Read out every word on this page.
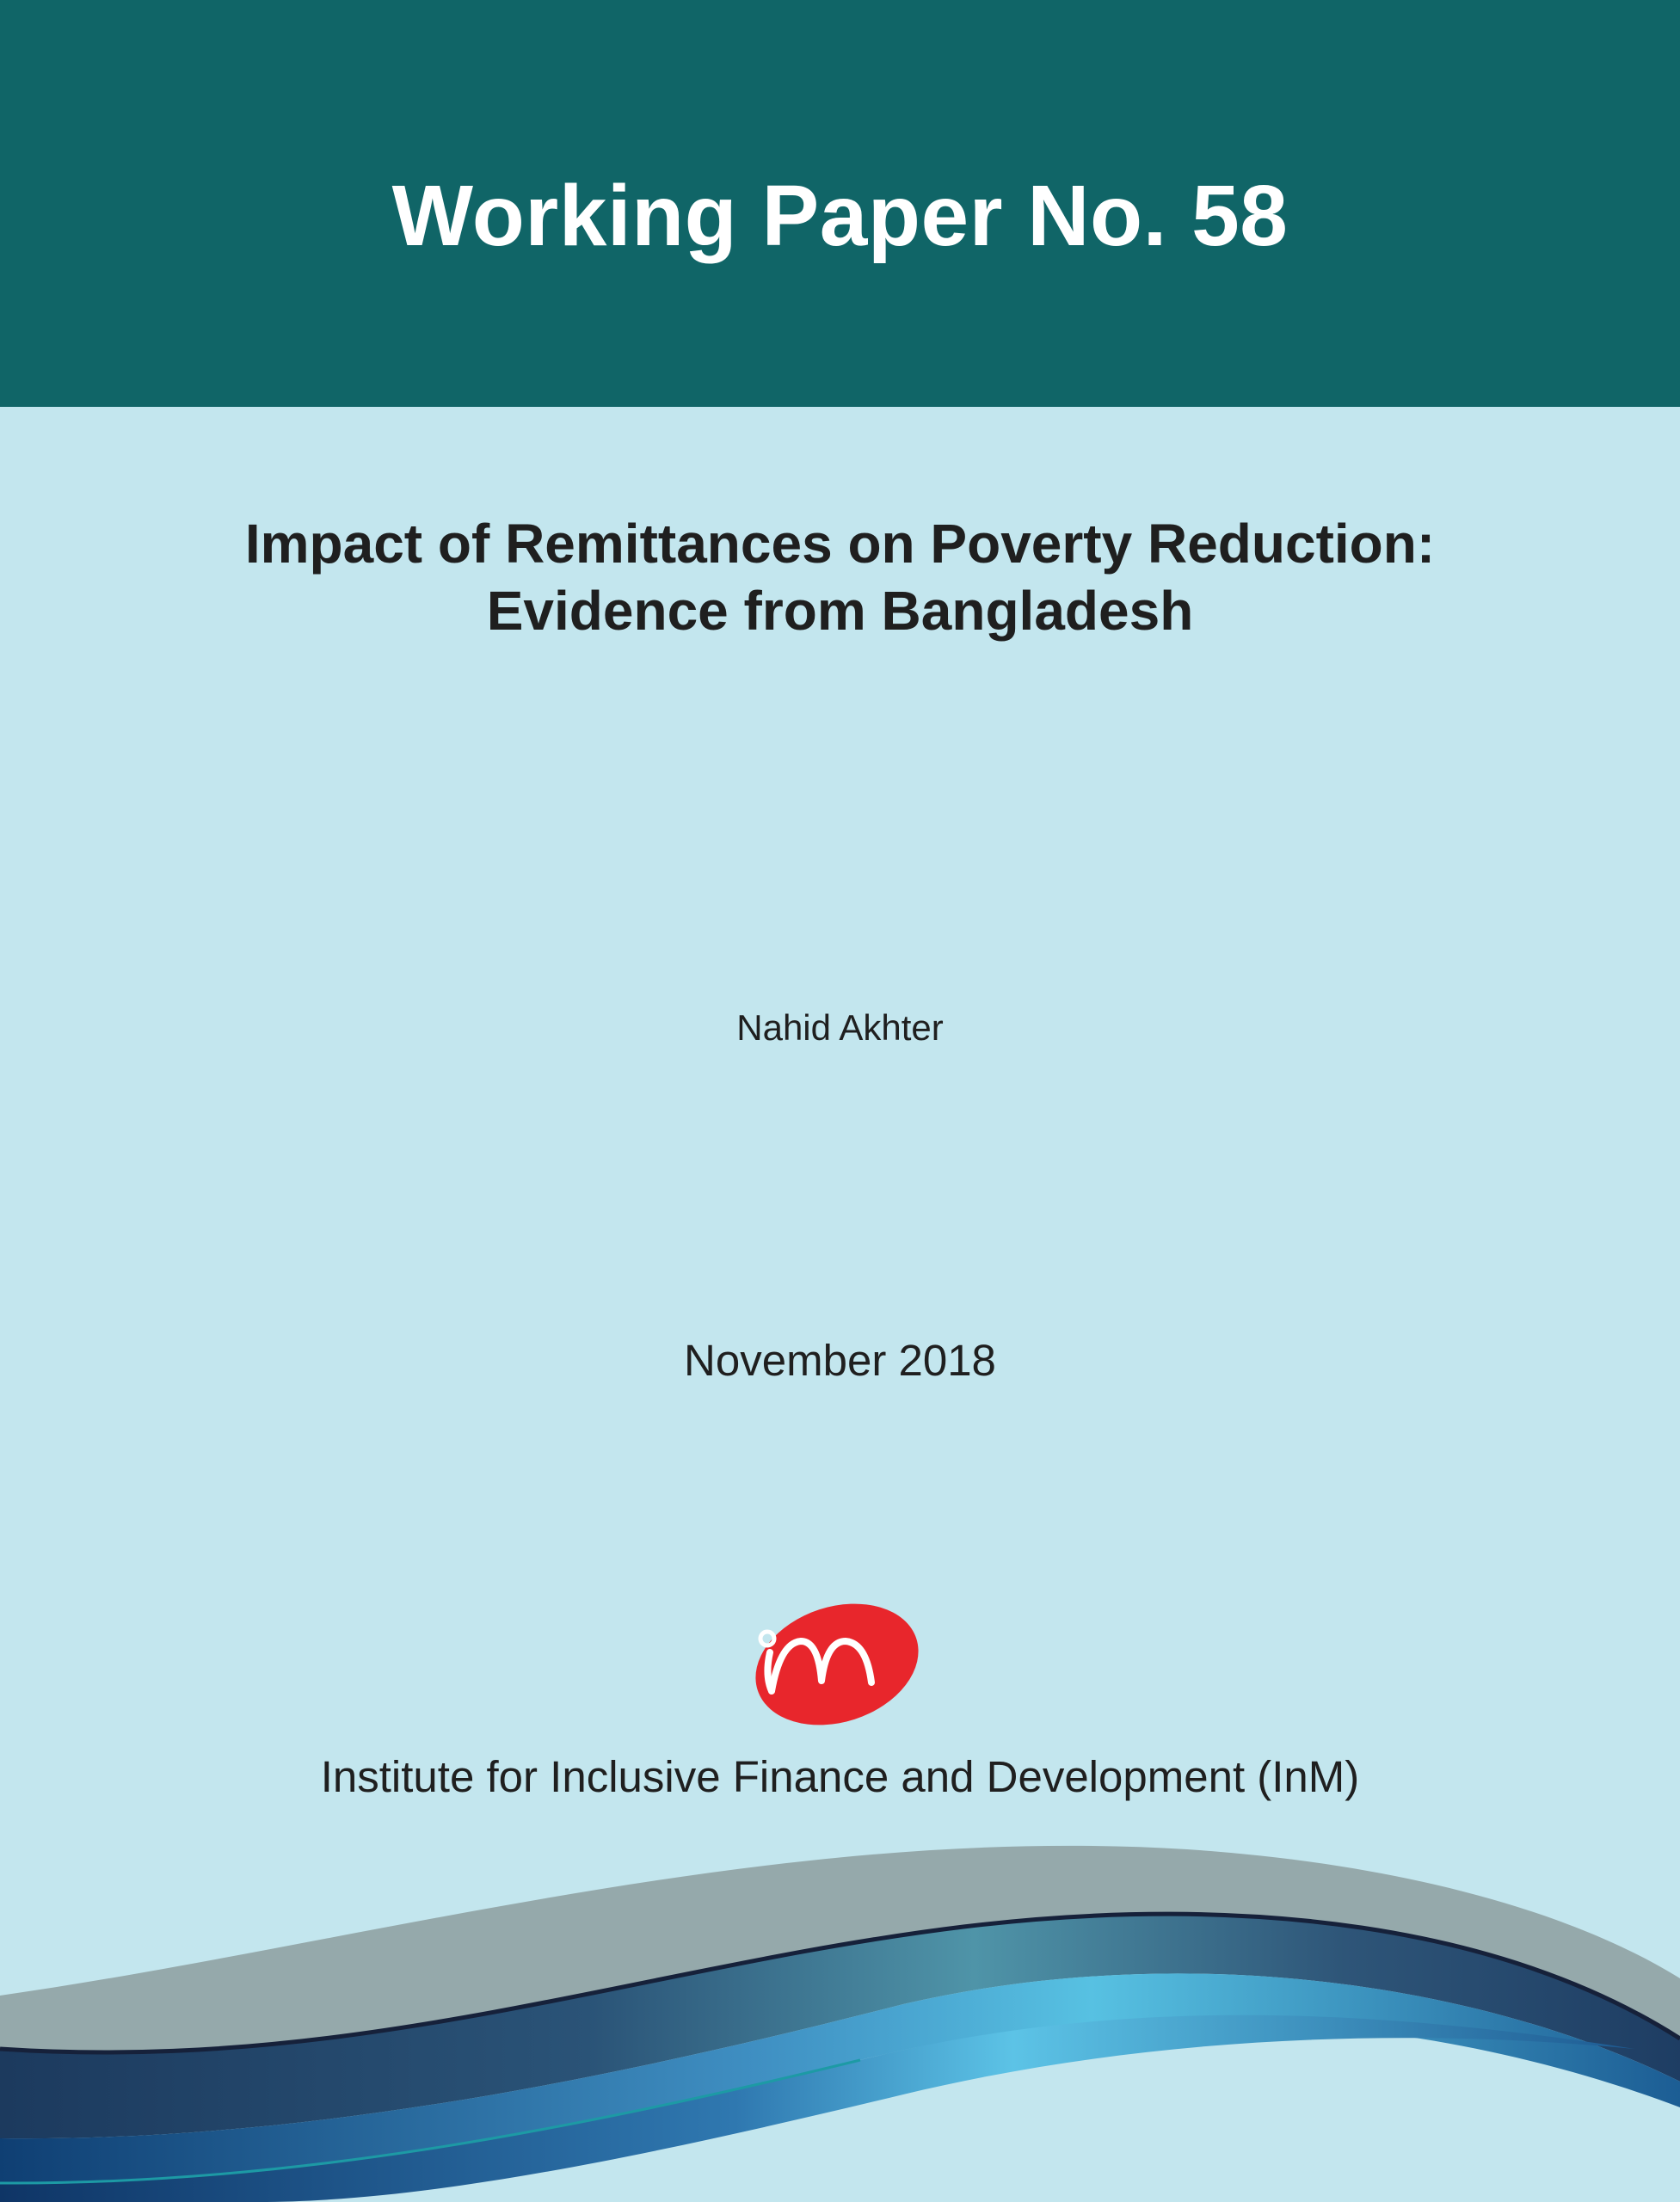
Working Paper No. 58
Impact of Remittances on Poverty Reduction:
Evidence from Bangladesh
Nahid Akhter
November 2018
Institute for Inclusive Finance and Development (InM)
